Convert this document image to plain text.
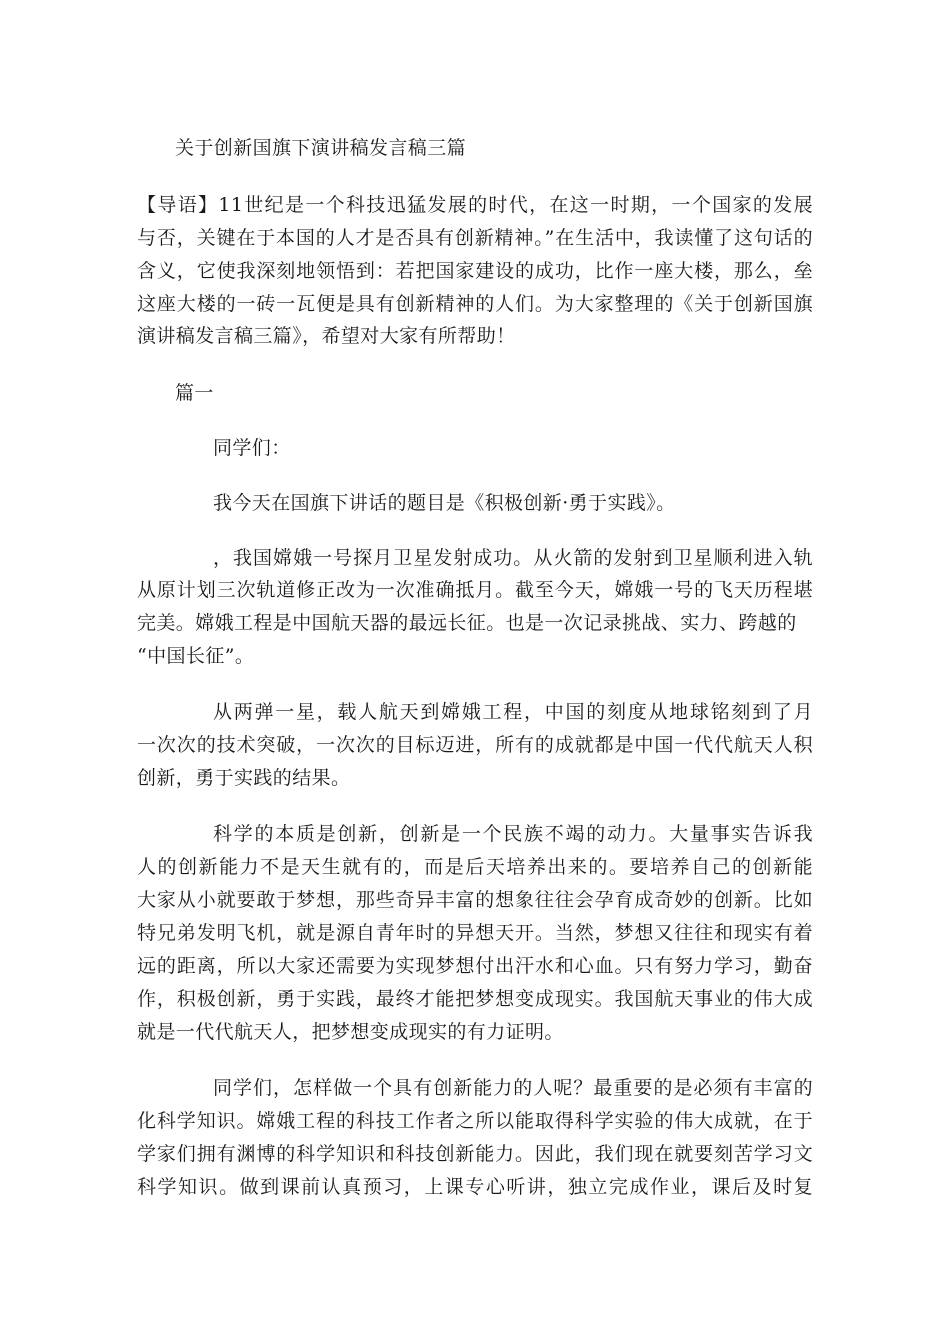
关于创新国旗下演讲稿发言稿三篇
【导语】11世纪是一个科技迅猛发展的时代，在这一时期，一个国家的发展
与否，关键在于本国的人才是否具有创新精神。”在生活中，我读懂了这句话的
含义，它使我深刻地领悟到：若把国家建设的成功，比作一座大楼，那么，垒
这座大楼的一砖一瓦便是具有创新精神的人们。为大家整理的《关于创新国旗
演讲稿发言稿三篇》，希望对大家有所帮助！
篇一
同学们：
我今天在国旗下讲话的题目是《积极创新·勇于实践》。
，我国嫦娥一号探月卫星发射成功。从火箭的发射到卫星顺利进入轨
从原计划三次轨道修正改为一次准确抵月。截至今天，嫦娥一号的飞天历程堪
完美。嫦娥工程是中国航天器的最远长征。也是一次记录挑战、实力、跨越的
“中国长征”。
从两弹一星，载人航天到嫦娥工程，中国的刻度从地球铭刻到了月
一次次的技术突破，一次次的目标迈进，所有的成就都是中国一代代航天人积
创新，勇于实践的结果。
科学的本质是创新，创新是一个民族不竭的动力。大量事实告诉我
人的创新能力不是天生就有的，而是后天培养出来的。要培养自己的创新能
大家从小就要敢于梦想，那些奇异丰富的想象往往会孕育成奇妙的创新。比如
特兄弟发明飞机，就是源自青年时的异想天开。当然，梦想又往往和现实有着
远的距离，所以大家还需要为实现梦想付出汗水和心血。只有努力学习，勤奋
作，积极创新，勇于实践，最终才能把梦想变成现实。我国航天事业的伟大成
就是一代代航天人，把梦想变成现实的有力证明。
同学们，怎样做一个具有创新能力的人呢？最重要的是必须有丰富的
化科学知识。嫦娥工程的科技工作者之所以能取得科学实验的伟大成就，在于
学家们拥有渊博的科学知识和科技创新能力。因此，我们现在就要刻苦学习文
科学知识。做到课前认真预习，上课专心听讲，独立完成作业，课后及时复
